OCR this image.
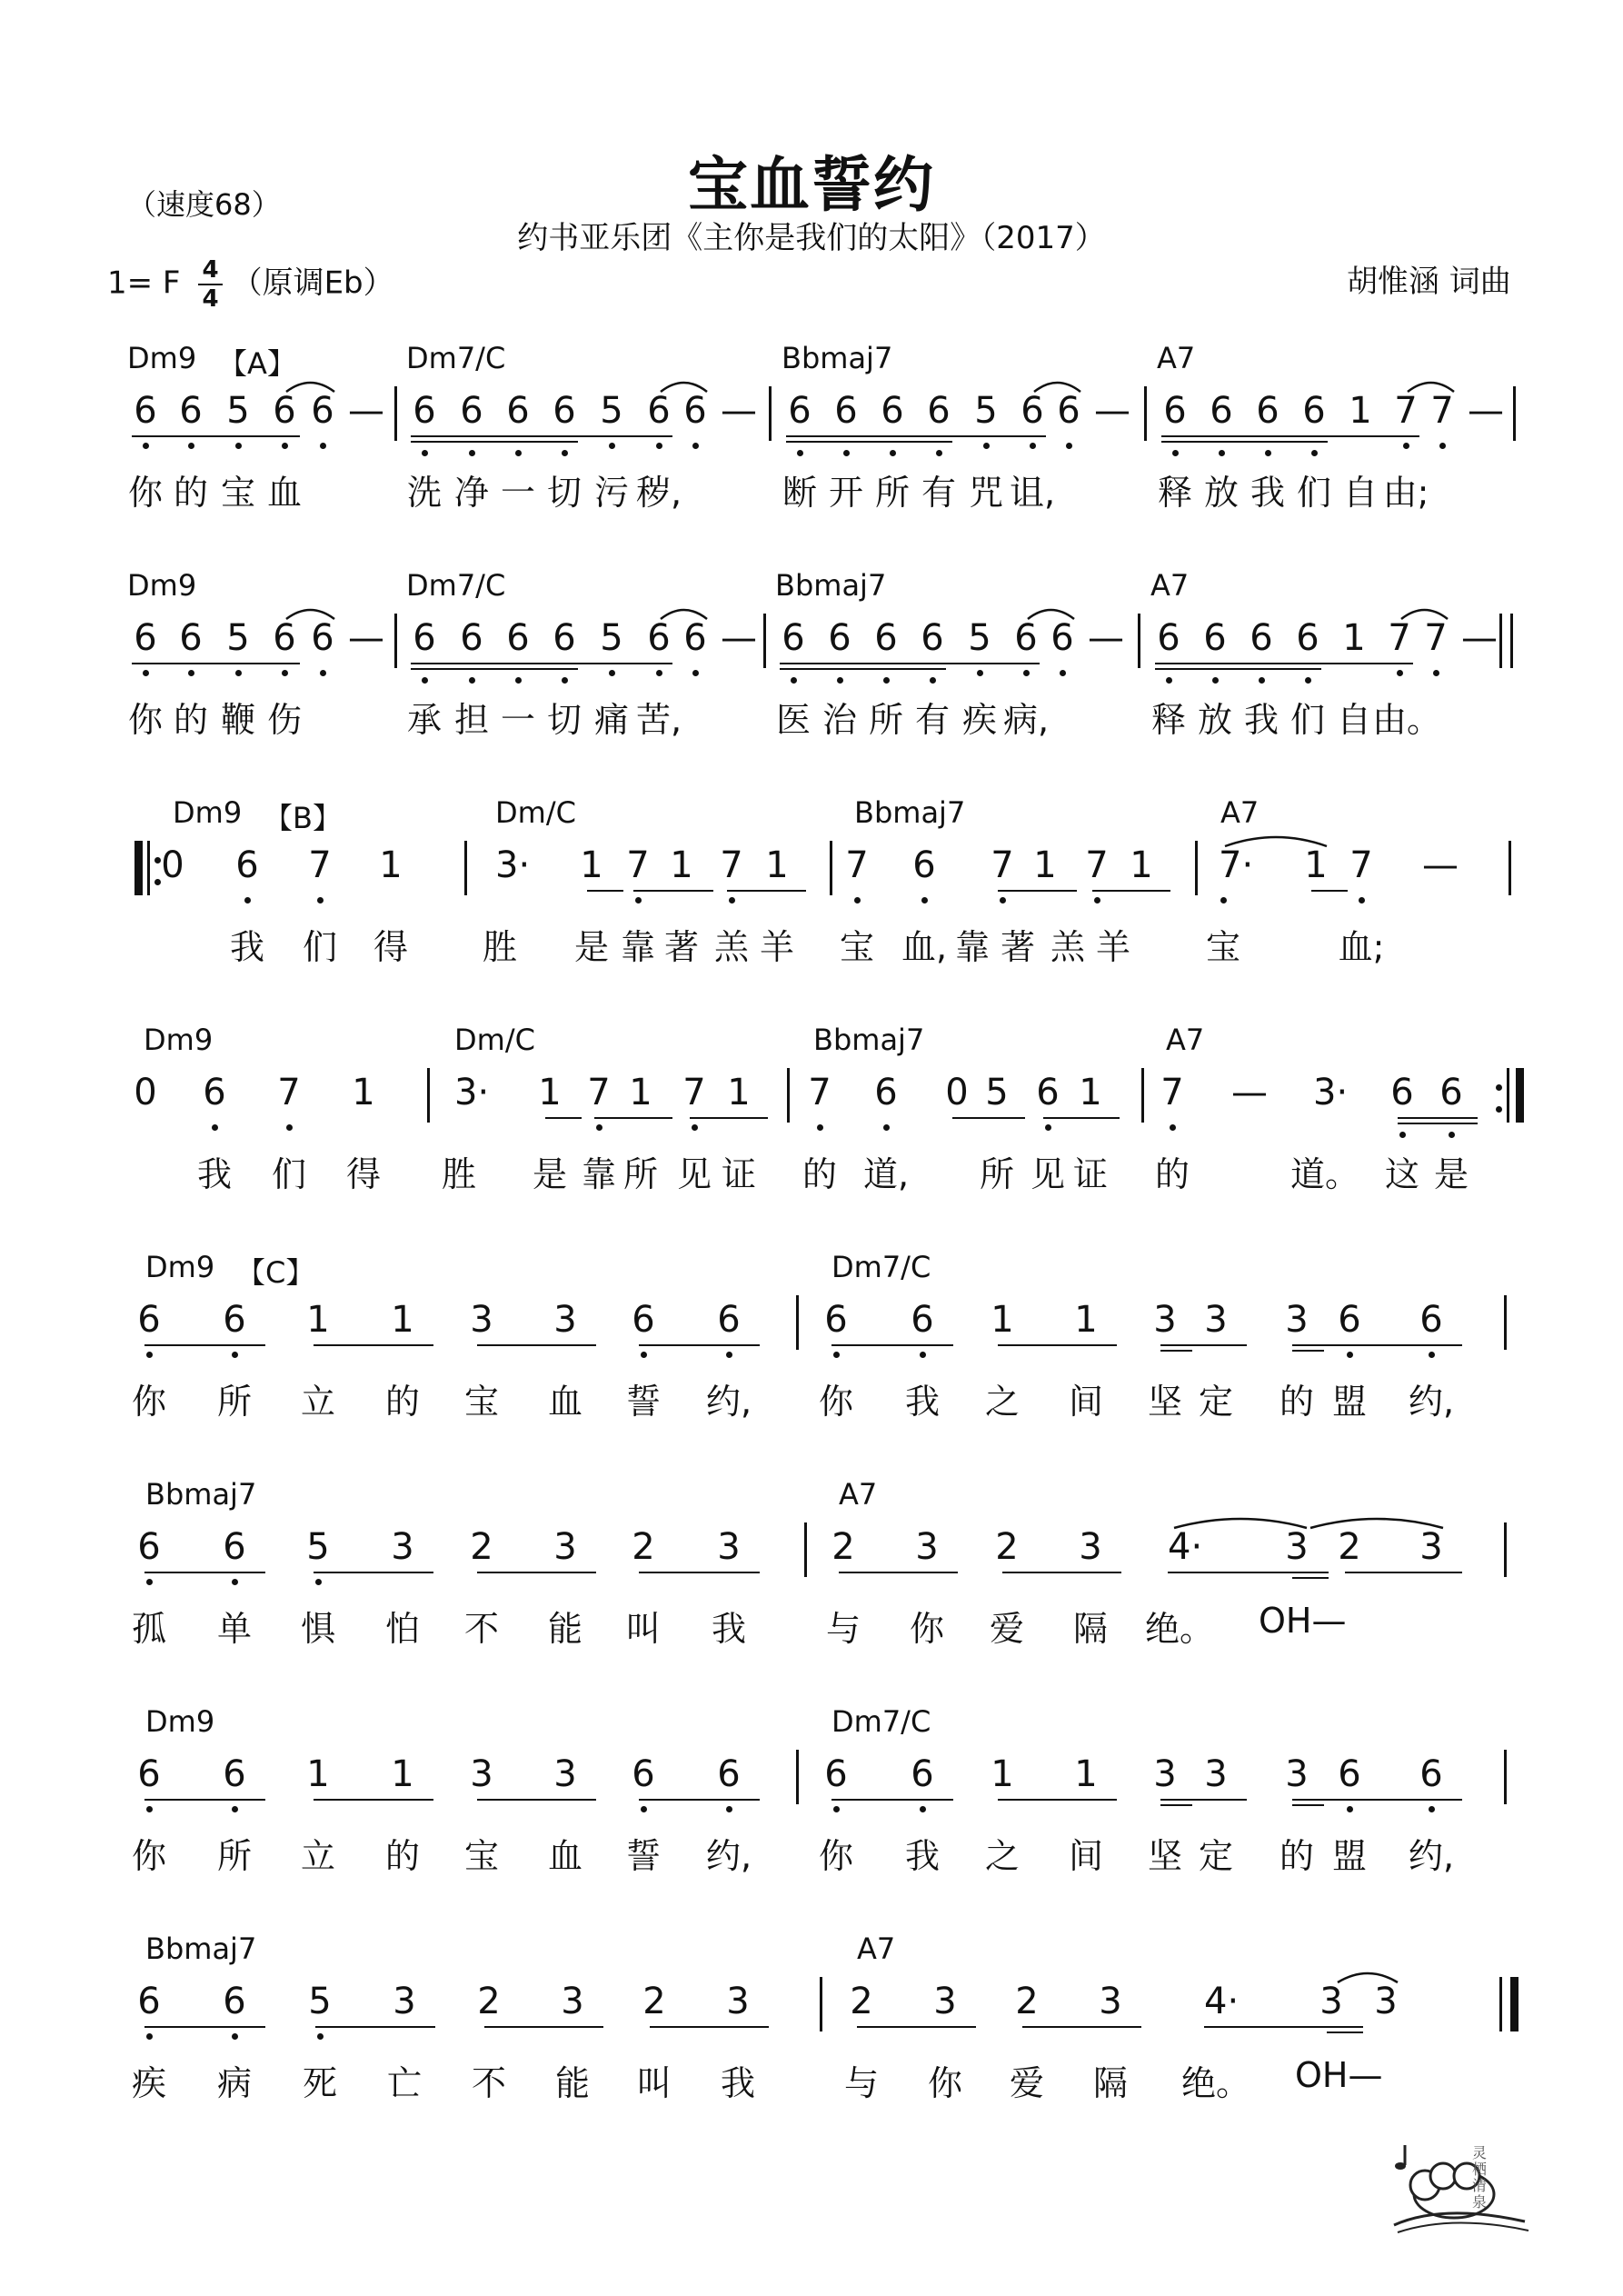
宝血誓约
（速度68）
约书亚乐团《主你是我们的太阳》（2017）
1= F $\frac{4}{4}$ （原调Eb）	胡惟涵 词曲
Dm9	Dm7/C	Bbmaj7	A7
【A】
6 6 5 6 6 — 6 6 6 6 5 6 6 — 6 6 6 6 5 6 6 — 6 6 6 6 1 7 7 —
你 的 宝 血	洗 净 一 切 污 秽,	断 开 所 有 咒 诅,	释 放 我 们 自 由;
Dm9	Dm7/C	Bbmaj7	A7
6 6 5 6 6 — 6 6 6 6 5 6 6 — 6 6 6 6 5 6 6 — 6 6 6 6 1 7 7 —
你 的 鞭 伤	承 担 一 切 痛 苦,	医 治 所 有 疾 病,	释 放 我 们 自 由。
Dm9	Dm/C	Bbmaj7	A7
【B】
0 6 7 1	3· 1 7 1 7 1 7 6 7 1 7 1 7· 1 7 —
我 们 得 胜 是 靠 著 羔 羊 宝 血, 靠 著 羔 羊 宝	血;
Dm9	Dm/C	Bbmaj7	A7
0 6 7 1 3· 1 7 1 7 1 7 6 0 5 6 1 7 — 3· 6 6
我 们 得 胜 是 靠 所 见 证 的 道, 所 见 证 的	道。 这 是
Dm9	Dm7/C
【C】
6 6 1 1 3 3 6 6 6 6 1 1 3 3 3 6 6
你 所 立 的 宝 血 誓 约, 你 我 之 间 坚 定 的 盟 约,
Bbmaj7	A7
6 6 5 3 2 3 2 3	2 3 2 3 4· 3 2 3
孤 单 惧 怕 不 能 叫 我 与 你 爱 隔 绝。 OH—
Dm9	Dm7/C
6 6 1 1 3 3 6 6 6 6 1 1 3 3 3 6 6
你 所 立 的 宝 血 誓 约, 你 我 之 间 坚 定 的 盟 约,
Bbmaj7	A7
6 6 5 3 2 3 2 3	2 3 2 3 4· 3 3
疾 病 死 亡 不 能 叫 我	与 你 爱 隔 绝。 OH—
灵栖清泉
